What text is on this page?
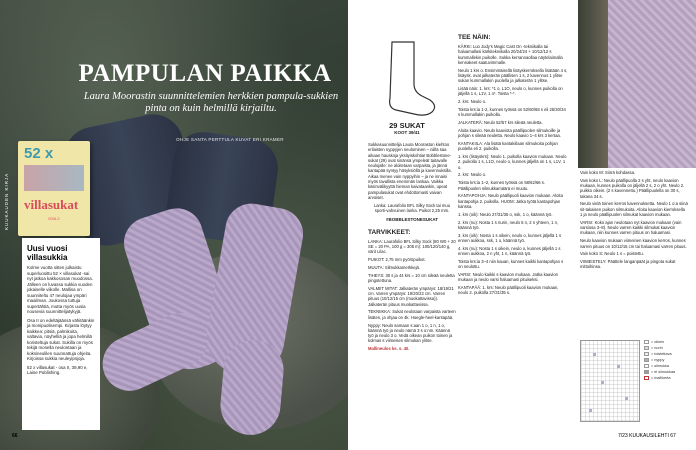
PAMPULAN PAIKKA
Laura Moorastin suunnittelemien herkkien pampula-sukkien pinta on kuin helmillä kirjailtu.
OHJE SANTA PERTTULA KUVAT ERI KRAMER
KUUKAUDEN KIRJA
52 x
villasukat
OSA 2
Uusi vuosi villasukkia

Kolme vuotta sitten julkaistu superluosittu 52 × villasukat -sai nyt jatkoa kakkososan muodossa. Jälleen on luvassa sukkia vuoden jokaiselle viikolle. Mallisa on suunniteltu 47 neulojaa ympäri maailman. Joukossa tuttuja supertähtiä, mutta myös uusia nousevia suunnittelijatykyjä.

Osa II on edeltäjäänsä vähitäänkin ja monipuolisempi. Kirjasta löytyy kaikkea: pitsiä, palmikoita, valtavia, nöyhelliä ja jopa helmillä koristeltuja sukat. Sukilla on myös tekijä monella neulontaan ja koksineulilen suunnattuja ohjeita. Kirjoissa sukkia neuleyipsjoja.

52 x villasukat - osa II, 39,90 e, Laine Publishing.

66
29 SUKAT
KOOT 39/41

Sukkasuunnittelija Laura Mooraston kiehtoo erilaisten nyppyjen neulominen – niillä saa aikaan hauskoja yksityiskohtia! Bobblestone-sukat (29) ovat sinänsä ympeleät taitavalle neulojalle: ne aloitetaan varpaista, ja jännä kantapää syntyy hösyksiöllä ja kavennuksilla. Aikaa menee vain nyppyihin – ja ne innaisi myös tavallista enemmän lankaa. Vaikka käsinvälikyyttä hieman kaivataankin, upeat pampulasukat ovat ehdottomasti vaivan arvoiset.

Lanka: Laurafolio BFL Silky Sock tai muu sporti-vahvuinen lanka. Puikot 2,25 mm.

#BOBBLESTONESUKAT
TARVIKKEET:

LANKA: Laurafolio BFL Silky Sock (80 W0 + 20 SE = 20 PA, 100 g = 305 m): 100/120/140 g, värit Lilac.

PUIKOT: 2,75 mm pyöröpuikot.

MUUTA: Silmukkamerkkejä.

TIHEYS: 30 s ja 44 krs = 10 cm sileää neuletta pingotettuna.

VALMIIT MITAT: Jalkaterän ympärys: 18/19/21 cm. Varren ympärys: 19/20/22 cm. Varren pituus (10/12/15 cm (muokattavissa)). Jalkaterän pituus muokattavissa.

TEKNIIKKA: Sukat neulotaan varpaista varteen lisäten, ja ohjaa on 4k. Hoegle-heel-kantapää.

Nyppy: Neulo samaan s:aan 1 o, 1 n, 1 o, käännä työ ja neulo nämä 3 s o:nm. Käännä työ ja neulo 3 o. Vedä oikean puikon toinen ja kolmas s viimeisen silmukan ylitse.

Mallineulos ks. s. 40.

TEE NÄIN:

KÄRKI: Luo Judy's Magic Cast On -tekniikalla tai haluamallasi kärkitekniikalla 20/24/24 + 10/12/12 s kummallekin puikolle. Sukka kerrannaollaa näytelaimalla kennakeet saatuvimmalle.

Neulo 1 krs o. Ensimmäisellä lisäyskerroksella lisätään 4 s, lisäysk. ovat jalkaterän päällisen 1 s, 2 kavennus 1 ylitse sukan kummallakin puolella ja jalkaterän 1 ylitse.

Lisää näin: 1. krs: *1 o, L1O, neulo o, kunnes puikolla on jäljellä 1 s, L1V, 1 o*. Toista *-*.

2. krs: Neulo o.

Toista krs:ia 1-2, kunnes työssä on 52/60/68 s eli 26/30/34 s kummallakin puikolla.

JALKATERÄ: Neulo 52/57 krs sileää neuletta.

Aloita kaavio. Neulo kaaviota päällipuolen silmukoille ja pohjan s sileää neuletta. Neulo kaavio 1–4 krs 3 kertaa.

KANTAKIILA: Ala lisätä kantakiilaan silmukoita pohjan puolella eli 2. puikolla.

1. krs (lisäyskrs): Neulo 1. puikolla kaavion mukaan. Neulo 2. puikolla 1 s, L1O, neulo o, kunnes jäljellä on 1 s, L1V, 1 o.

2. krs: Neulo o.

Toista krs:ia 1–2, kunnes työssä on 58/62/66 s. Päällipuolen silmukkamäärä ei muutu.

KANTAPOHJA: Neulo päällipuoli kaavion mukaan. Aloita kantapohja 2. puikolla. HUOM: Jatka työtä kantapohjan kanssa.

1. krs (oik): Neulo 27/31/35 o, ssk, 1 o, käännä työ.

2. krs (nu): Nosta 1 s nurin, neulo 5 n, 2 n yhteen, 1 n, käännä työ.

3. krs (oik): Nosta 1 s oikein, neulo o, kunnes jäljellä 1 s ennen aukkoa, ssk, 1 o, käännä työ.

4. krs (nu): Nosta 1 s oikein, neulo o, kunnes jäljellä 1 s ennen aukkoa, 2 n yht, 1 n, käännä työ.

Toista krs:ia 3–4 niin kauan, kunnes kaikki kantapohjan s on neulottu.

VARSI: Neulo kaikki s kaavion mukaan. Jatka kaavion mukaan ja neulo varsi haluamasi pituiseksi.

KANTAPÄÄ: 1. krs: Neulo päällipuoli kaavion mukaan, neulo 2. puikolla 27/31/35 s.

Vain koko M: Siirrä kohdassa.

Vain koko L: Neulo päällipuolla 2 s yht, neulo kaavion mukaan, kunnes puikolla on jäljellä 2 s, 2 o yht. Neulo 2. puikko oikein. (2 s kavennettu.) Päällipuolella on 30 s, takana 34 s.

Neulo vielä toinen kerros kavennuksetta. Neulo 1 o:a siinä sit-takaisen puikon silmukoita. Aloita kaavion kierroksella 1 ja neulo päällipuolen silmukat kaavion mukaan.

VARSI: Koko ajan neulotaan nyt kaavion mukaan (vain varsiosa 3–8). Neulo varren kaikki silmukat kaavion mukaan, niin kunnes varren pituus on haluamasi.

Neulo kaavion mukaan viimeinen kaavion kerros, kunnes varren pituus on 10/12/15 cm tai haluamasi varren pituus.

Vain koko S: Neulo 1 s = poistettu.

VIIMEISTELY: Päättele langanpäät ja pingota sukat mittoihinsa.

= oikein
= nurin
= toistettava
= nyppy
= silmukka
= ei silmukkaa
= mallikerta
7/23 KUUKAUSILEHTI 67
